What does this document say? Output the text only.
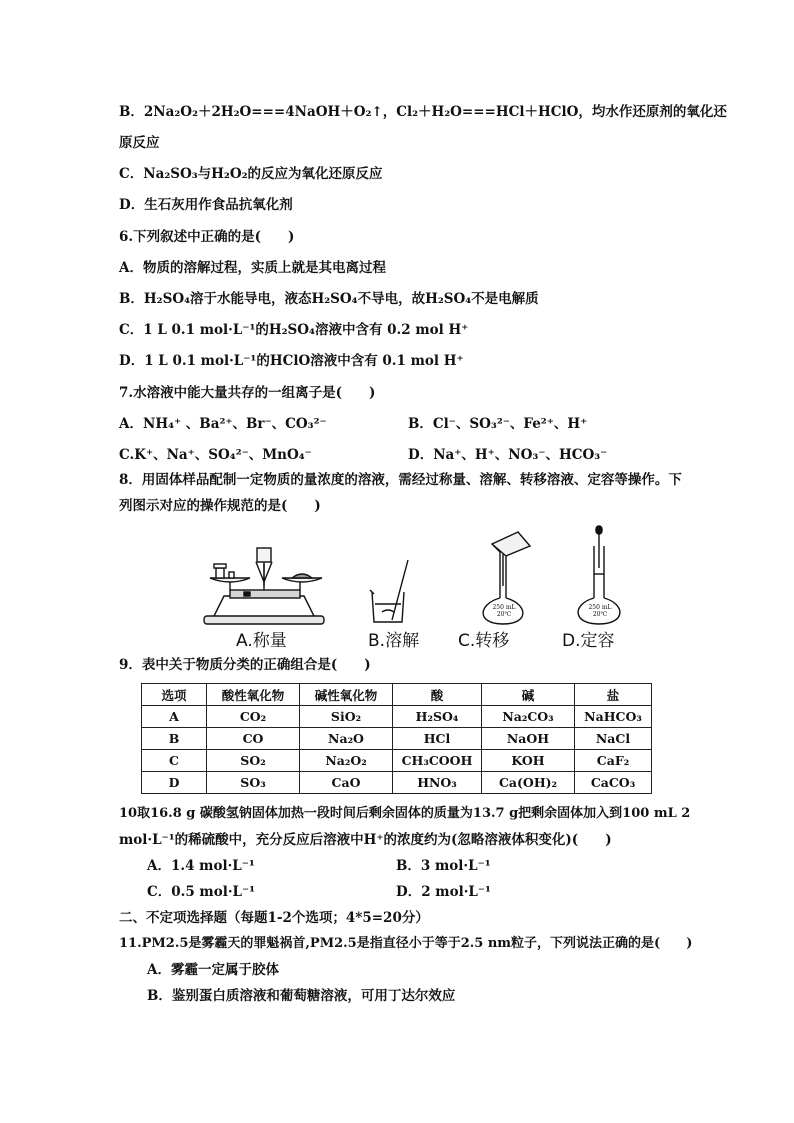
B．2Na₂O₂＋2H₂O===4NaOH＋O₂↑，Cl₂＋H₂O===HCl＋HClO，均水作还原剂的氧化还
原反应
C．Na₂SO₃与H₂O₂的反应为氧化还原反应
D．生石灰用作食品抗氧化剂
6.下列叙述中正确的是(　　)
A．物质的溶解过程，实质上就是其电离过程
B．H₂SO₄溶于水能导电，液态H₂SO₄不导电，故H₂SO₄不是电解质
C．1 L 0.1 mol·L⁻¹的H₂SO₄溶液中含有 0.2 mol H⁺
D．1 L 0.1 mol·L⁻¹的HClO溶液中含有 0.1 mol H⁺
7.水溶液中能大量共存的一组离子是(　　)
A．NH₄⁺ 、Ba²⁺、Br⁻、CO₃²⁻	B．Cl⁻、SO₃²⁻、Fe²⁺、H⁺
C.K⁺、Na⁺、SO₄²⁻、MnO₄⁻	D．Na⁺、H⁺、NO₃⁻、HCO₃⁻
8．用固体样品配制一定物质的量浓度的溶液，需经过称量、溶解、转移溶液、定容等操作。下
列图示对应的操作规范的是(　　)
250 mL
20℃
250 mL
20℃
A.称量	B.溶解 C.转移	D.定容
9．表中关于物质分类的正确组合是(　　)
选项	酸性氧化物	碱性氧化物	酸	碱	盐
A	CO₂	SiO₂	H₂SO₄	Na₂CO₃	NaHCO₃
B	CO	Na₂O	HCl	NaOH	NaCl
C	SO₂	Na₂O₂	CH₃COOH	KOH	CaF₂
D	SO₃	CaO	HNO₃	Ca(OH)₂	CaCO₃
10取16.8 g 碳酸氢钠固体加热一段时间后剩余固体的质量为13.7 g把剩余固体加入到100 mL 2
mol·L⁻¹的稀硫酸中，充分反应后溶液中H⁺的浓度约为(忽略溶液体积变化)(　　)
A．1.4 mol·L⁻¹	B．3 mol·L⁻¹
C．0.5 mol·L⁻¹	D．2 mol·L⁻¹
二、不定项选择题（每题1-2个选项；4*5=20分）
11.PM2.5是雾霾天的罪魁祸首,PM2.5是指直径小于等于2.5 nm粒子，下列说法正确的是(　　)
A．雾霾一定属于胶体
B．鉴别蛋白质溶液和葡萄糖溶液，可用丁达尔效应
